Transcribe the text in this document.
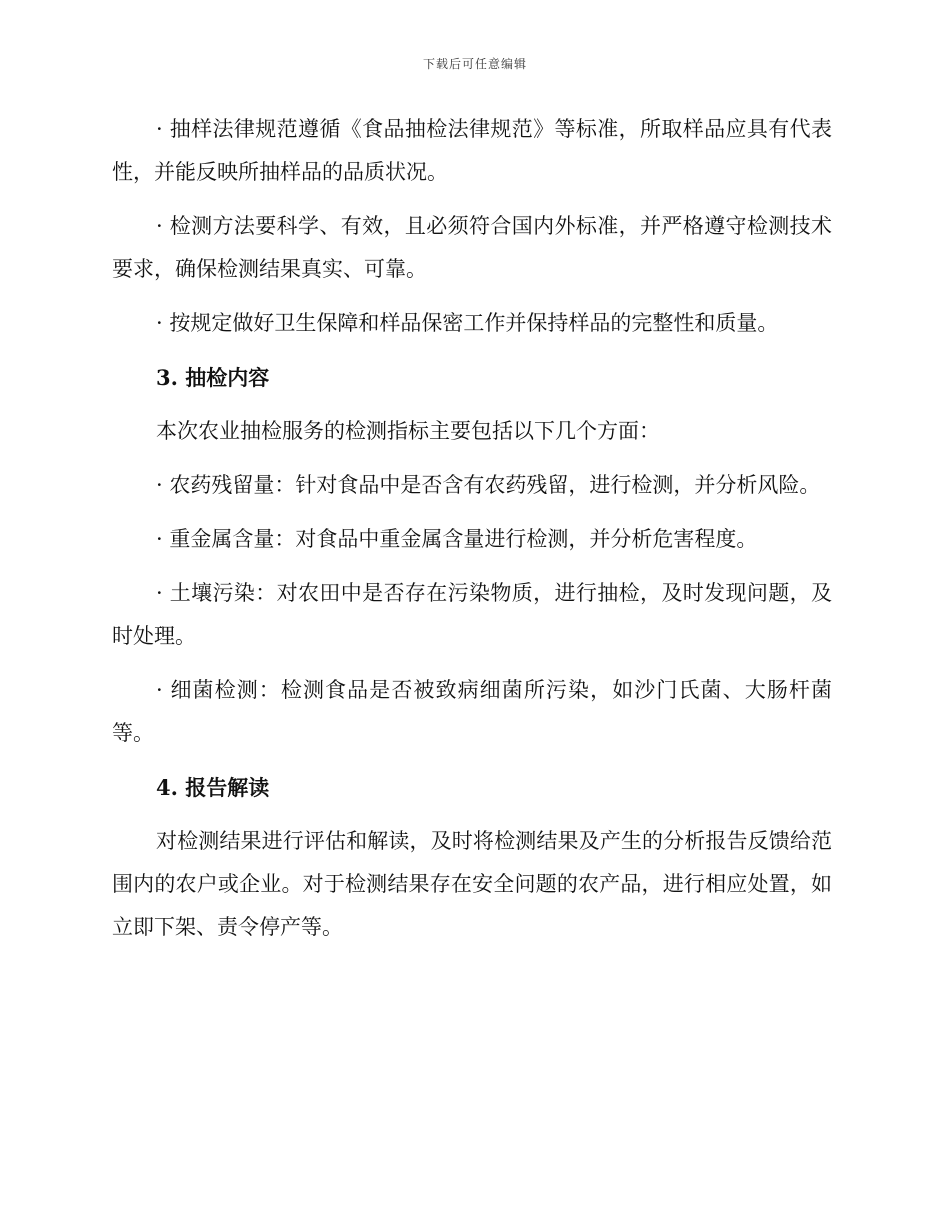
下载后可任意编辑

· 抽样法律规范遵循《食品抽检法律规范》等标准，所取样品应具有代表性，并能反映所抽样品的品质状况。

· 检测方法要科学、有效，且必须符合国内外标准，并严格遵守检测技术要求，确保检测结果真实、可靠。

· 按规定做好卫生保障和样品保密工作并保持样品的完整性和质量。

3. 抽检内容

本次农业抽检服务的检测指标主要包括以下几个方面：

· 农药残留量：针对食品中是否含有农药残留，进行检测，并分析风险。

· 重金属含量：对食品中重金属含量进行检测，并分析危害程度。

· 土壤污染：对农田中是否存在污染物质，进行抽检，及时发现问题，及时处理。

· 细菌检测：检测食品是否被致病细菌所污染，如沙门氏菌、大肠杆菌等。

4. 报告解读

对检测结果进行评估和解读，及时将检测结果及产生的分析报告反馈给范围内的农户或企业。对于检测结果存在安全问题的农产品，进行相应处置，如立即下架、责令停产等。
